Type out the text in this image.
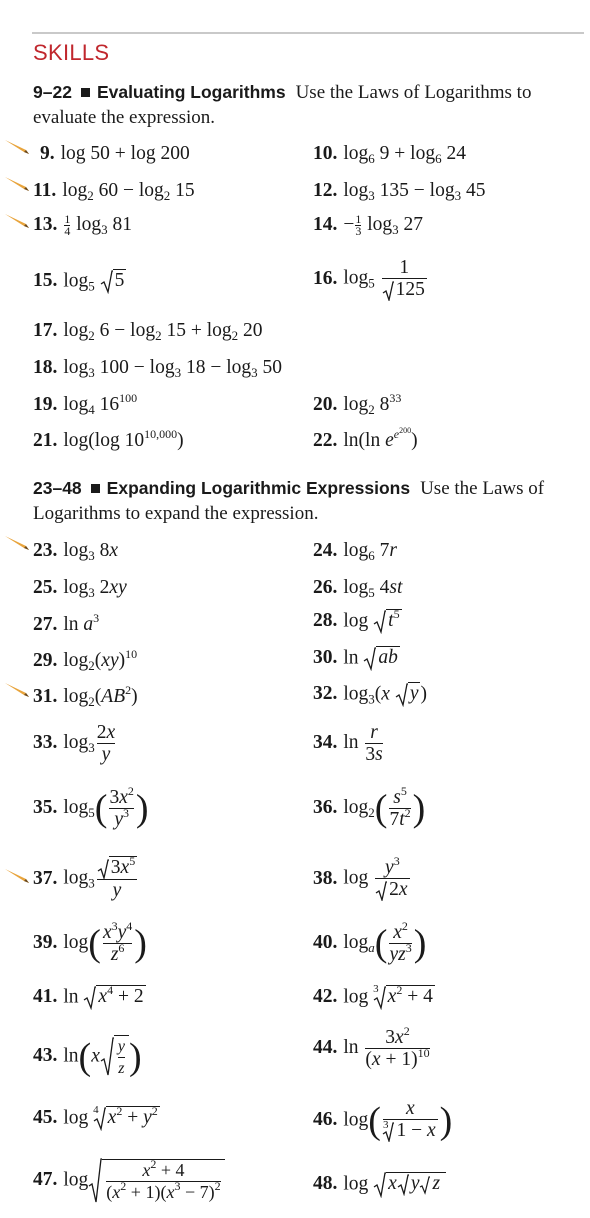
SKILLS
9–22 Evaluating Logarithms Use the Laws of Logarithms to evaluate the expression.
23–48 Expanding Logarithmic Expressions Use the Laws of Logarithms to expand the expression.
9. log 50 + log 200	10. $\log_6 9 + \log_6 24$
11. $\log_2 60 - \log_2 15$	12. $\log_3 135 - \log_3 45$
13. $\frac{1}{4} \log_3 81$	14. − $\frac{1}{3} \log_3 27$
15. $\log_5 5$	16. $\log_5 \frac{1}{125}$
17. $\log_2 6 - \log_2 15 + \log_2 20$
18. $\log_3 100 - \log_3 18 - \log_3 50$
19. $\log_4 16^{100}$	20. $\log_2 8^{33}$
21. log(log 10$^{10,000}$)	22. ln(ln $e^{e^{200}}$)
23. $\log_3 8x$	24. $\log_6 7r$
25. $\log_3 2xy$	26. $\log_5 4st$
27. $\ln a^3$	28. $\log t^5$
29. $\log_2(xy)^{10}$	30. ln ab
31. $\log_2(AB^2)$	32. $\log_3(x$ y )
33. $\log_3 \frac{2x}{y}$	34. $\ln \frac{r}{3s}$
35. $\log_5( \frac{3x^2}{y^3}$ )	36. $\log_2( \frac{s^5}{7t^2}$ )
37. $\log_3 \frac{3x^5}{y}$	38. $\log \frac{y^3}{2x}$
39. $\log( \frac{x^3y^4}{z^6}$ )	40. $\log_a( \frac{x^2}{yz^3}$ )
41. $\ln x^4 + 2$	42. log $^3$ $x^2 + 4$
43. $\ln(x \frac{y}{z}$ )	44. $\ln \frac{3x^2}{(x + 1)^{10}}$
45. log $^4$ $x^2 + y^2$	46. $\log( \frac{x}{^3 1 - x}$ )
47. $\log \frac{x^2 + 4}{(x^2 + 1)(x^3 - 7)^2}$	48. log x y z
